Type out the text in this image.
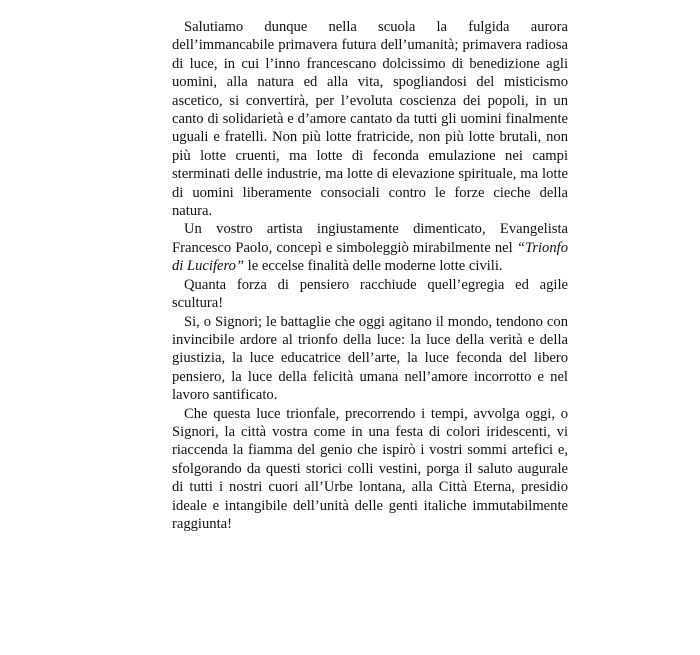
Salutiamo dunque nella scuola la fulgida aurora dell’immancabile primavera futura dell’umanità; primavera radiosa di luce, in cui l’inno francescano dolcissimo di benedizione agli uomini, alla natura ed alla vita, spogliandosi del misticismo ascetico, si convertirà, per l’evoluta coscienza dei popoli, in un canto di solidarietà e d’amore cantato da tutti gli uomini finalmente uguali e fratelli. Non più lotte fratricide, non più lotte brutali, non più lotte cruenti, ma lotte di feconda emulazione nei campi sterminati delle industrie, ma lotte di elevazione spirituale, ma lotte di uomini liberamente consociali contro le forze cieche della natura.

Un vostro artista ingiustamente dimenticato, Evangelista Francesco Paolo, concepì e simboleggiò mirabilmente nel “Trionfo di Lucifero” le eccelse finalità delle moderne lotte civili.

Quanta forza di pensiero racchiude quell’egregia ed agile scultura!

Si, o Signori; le battaglie che oggi agitano il mondo, tendono con invincibile ardore al trionfo della luce: la luce della verità e della giustizia, la luce educatrice dell’arte, la luce feconda del libero pensiero, la luce della felicità umana nell’amore incorrotto e nel lavoro santificato.

Che questa luce trionfale, precorrendo i tempi, avvolga oggi, o Signori, la città vostra come in una festa di colori iridescenti, vi riaccenda la fiamma del genio che ispirò i vostri sommi artefici e, sfolgorando da questi storici colli vestini, porga il saluto augurale di tutti i nostri cuori all’Urbe lontana, alla Città Eterna, presidio ideale e intangibile dell’unità delle genti italiche immutabilmente raggiunta!
